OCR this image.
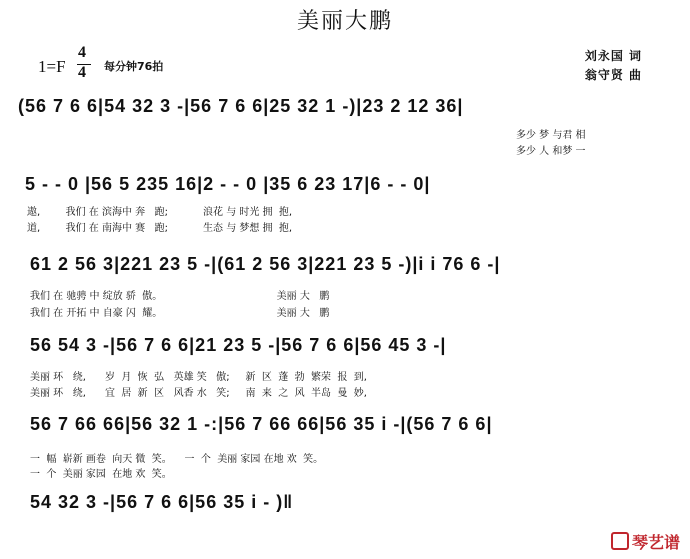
美丽大鹏
1=F
4
4 每分钟76拍
刘永国 词
翁守贤 曲
(56 7 6 6|54 32 3 -|56 7 6 6|25 32 1 -)|23 2 12 36|
多少 梦 与君 相
多少 人 和梦 一
5 - - 0 |56 5 235 16|2 - - 0 |35 6 23 17|6 - - 0|
遨,        我们 在 滨海中 奔   跑;           浪花 与 时光 拥  抱,
道,        我们 在 南海中 赛   跑;           生态 与 梦想 拥  抱,
61 2 56 3|221 23 5 -|(61 2 56 3|221 23 5 -)|i i 76 6 -|
我们 在 驰骋 中 绽放 骄  傲。                                    美丽 大   鹏
我们 在 开拓 中 自豪 闪  耀。                                    美丽 大   鹏
56 54 3 -|56 7 6 6|21 23 5 -|56 7 6 6|56 45 3 -|
美丽 环   绕,      岁  月  恢  弘   英雄 笑   傲;     新  区  蓬  勃  繁荣  报  到,
美丽 环   绕,      宜  居  新  区   风香 水   笑;     南  来  之  风  半岛  曼  妙,
56 7 66 66|56 32 1 -:|56 7 66 66|56 35 i -|(56 7 6 6|
一  幅  崭新 画卷  向天 微  笑。    一  个  美丽 家园 在地 欢  笑。
一  个  美丽 家园  在地 欢  笑。
54 32 3 -|56 7 6 6|56 35 i - )‖

琴艺谱
